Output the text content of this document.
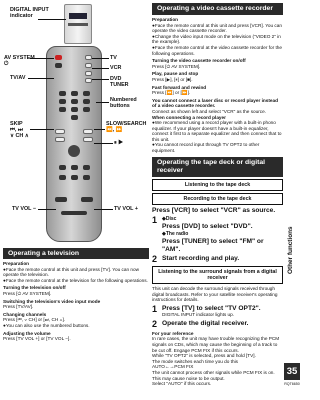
DIGITAL INPUT
indicator
AV SYSTEM
⏻
TV/AV
TV
VCR
DVD
TUNER
Numbered
buttons
SKIP
⏮, ⏭
∨ CH ∧
SLOW/SEARCH
⏪, ⏩
⏸ ▶
TV VOL −	TV VOL +
Operating a television
Preparation
●Face the remote control at this unit and press [TV]. You can now operate the television.
●Face the remote control at the television for the following operations.
Turning the television on/off
Press [⏻ AV SYSTEM].
Switching the television's video input mode
Press [TV/AV].
Changing channels
Press [⏮, ∨ CH] or [⏭, CH ∧].
●You can also use the numbered buttons.
Adjusting the volume
Press [TV VOL +] or [TV VOL −].
Operating a video cassette recorder
Preparation
●Face the remote control at this unit and press [VCR]. You can operate the video cassette recorder.
●Change the video input mode on the television ("VIDEO 2" in the example).
●Face the remote control at the video cassette recorder for the following operations.
Turning the video cassette recorder on/off
Press [⏻ AV SYSTEM].
Play, pause and stop
Press [▶], [⏸] or [■].
Fast forward and rewind
Press [⏪] or [⏩].
You cannot connect a laser disc or record player instead of a video cassette recorder.
Connect as shown left and select "VCR" as the source.
When connecting a record player
●We recommend using a record player with a built-in phono equalizer. If your player doesn't have a built-in equalizer, connect it first to a separate equalizer and then connect that to this unit.
●You cannot record input through TV OPT2 to other equipment.
Operating the tape deck or digital receiver
Listening to the tape deck
Recording to the tape deck
Press [VCR] to select "VCR" as source.
1 ◆Disc
Press [DVD] to select "DVD".
◆The radio
Press [TUNER] to select "FM" or "AM".
2 Start recording and play.
Listening to the surround signals from a digital receiver
This unit can decode the surround signals received through digital broadcasts. Refer to your satellite receiver's operating instructions for details.
1 Press [TV] to select "TV OPT2".
DIGITAL INPUT indicator lights up.
2 Operate the digital receiver.
For your reference
In rare cases, the unit may have trouble recognizing the PCM signals on CDs, which may cause the beginning of a track to be cut off. Engage PCM FIX if this occurs.
While "TV OPT2" is selected, press and hold [TV].
The mode switches each time you do this
AUTO←→PCM FIX
The unit cannot process other signals while PCM FIX is on.
This may cause noise to be output.
Select "AUTO" if this occurs.
Other functions
35
RQT6650
